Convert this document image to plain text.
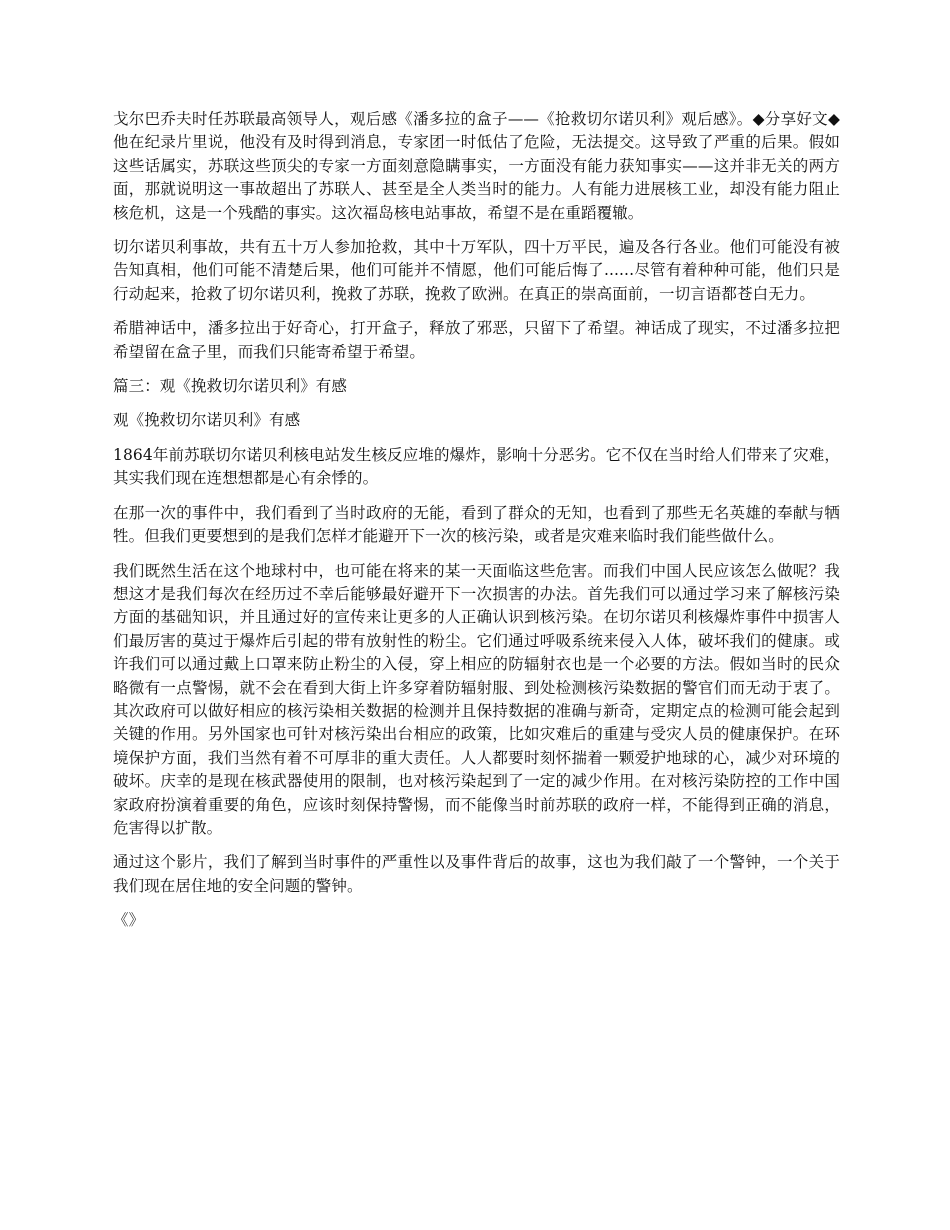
戈尔巴乔夫时任苏联最高领导人，观后感《潘多拉的盒子——《抢救切尔诺贝利》观后感》。◆分享好文◆他在纪录片里说，他没有及时得到消息，专家团一时低估了危险，无法提交。这导致了严重的后果。假如这些话属实，苏联这些顶尖的专家一方面刻意隐瞒事实，一方面没有能力获知事实——这并非无关的两方面，那就说明这一事故超出了苏联人、甚至是全人类当时的能力。人有能力进展核工业，却没有能力阻止核危机，这是一个残酷的事实。这次福岛核电站事故，希望不是在重蹈覆辙。

切尔诺贝利事故，共有五十万人参加抢救，其中十万军队，四十万平民，遍及各行各业。他们可能没有被告知真相，他们可能不清楚后果，他们可能并不情愿，他们可能后悔了......尽管有着种种可能，他们只是行动起来，抢救了切尔诺贝利，挽救了苏联，挽救了欧洲。在真正的崇高面前，一切言语都苍白无力。

希腊神话中，潘多拉出于好奇心，打开盒子，释放了邪恶，只留下了希望。神话成了现实，不过潘多拉把希望留在盒子里，而我们只能寄希望于希望。

篇三：观《挽救切尔诺贝利》有感

观《挽救切尔诺贝利》有感

1864年前苏联切尔诺贝利核电站发生核反应堆的爆炸，影响十分恶劣。它不仅在当时给人们带来了灾难，其实我们现在连想想都是心有余悸的。

在那一次的事件中，我们看到了当时政府的无能，看到了群众的无知，也看到了那些无名英雄的奉献与牺牲。但我们更要想到的是我们怎样才能避开下一次的核污染，或者是灾难来临时我们能些做什么。

我们既然生活在这个地球村中，也可能在将来的某一天面临这些危害。而我们中国人民应该怎么做呢？我想这才是我们每次在经历过不幸后能够最好避开下一次损害的办法。首先我们可以通过学习来了解核污染方面的基础知识，并且通过好的宣传来让更多的人正确认识到核污染。在切尔诺贝利核爆炸事件中损害人们最厉害的莫过于爆炸后引起的带有放射性的粉尘。它们通过呼吸系统来侵入人体，破坏我们的健康。或许我们可以通过戴上口罩来防止粉尘的入侵，穿上相应的防辐射衣也是一个必要的方法。假如当时的民众略微有一点警惕，就不会在看到大街上许多穿着防辐射服、到处检测核污染数据的警官们而无动于衷了。其次政府可以做好相应的核污染相关数据的检测并且保持数据的准确与新奇，定期定点的检测可能会起到关键的作用。另外国家也可针对核污染出台相应的政策，比如灾难后的重建与受灾人员的健康保护。在环境保护方面，我们当然有着不可厚非的重大责任。人人都要时刻怀揣着一颗爱护地球的心，减少对环境的破坏。庆幸的是现在核武器使用的限制，也对核污染起到了一定的减少作用。在对核污染防控的工作中国家政府扮演着重要的角色，应该时刻保持警惕，而不能像当时前苏联的政府一样，不能得到正确的消息，危害得以扩散。

通过这个影片，我们了解到当时事件的严重性以及事件背后的故事，这也为我们敲了一个警钟，一个关于我们现在居住地的安全问题的警钟。

《》
